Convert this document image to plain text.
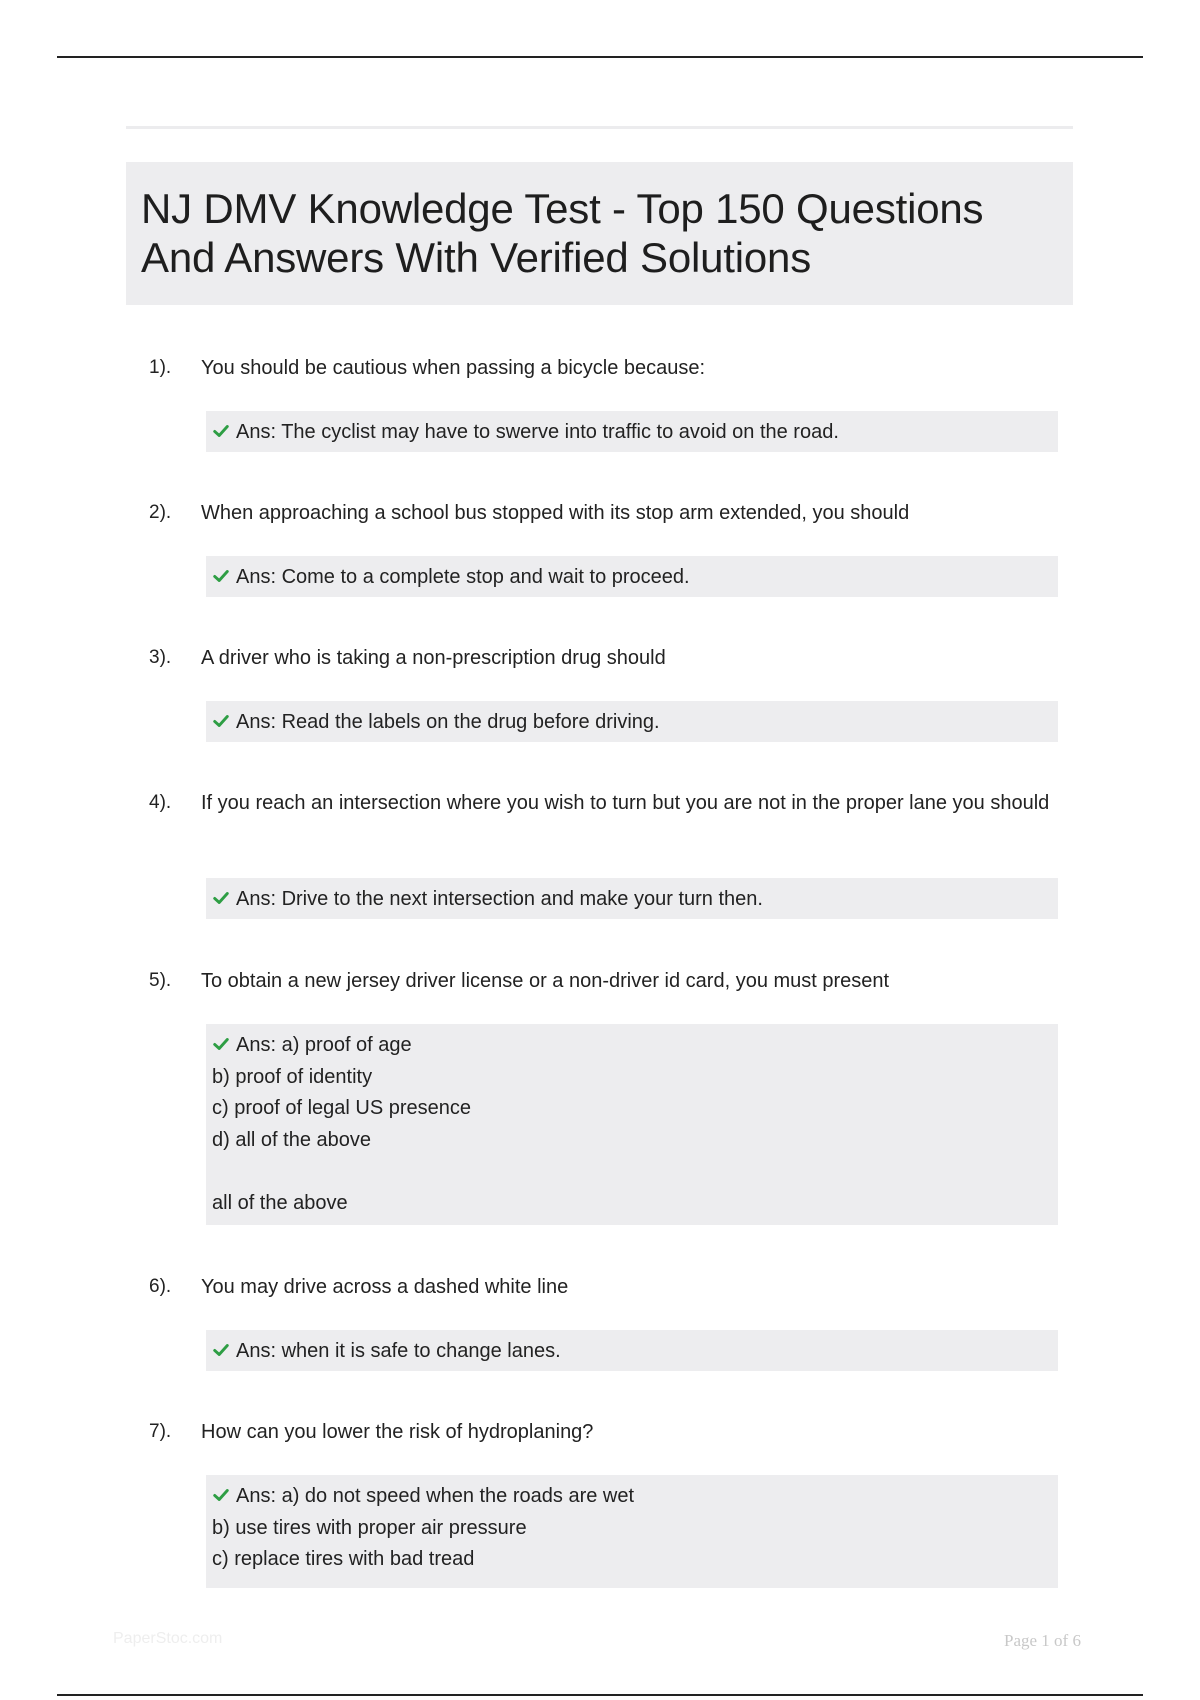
NJ DMV Knowledge Test - Top 150 Questions And Answers With Verified Solutions
1). You should be cautious when passing a bicycle because:
Ans: The cyclist may have to swerve into traffic to avoid on the road.
2). When approaching a school bus stopped with its stop arm extended, you should
Ans: Come to a complete stop and wait to proceed.
3). A driver who is taking a non-prescription drug should
Ans: Read the labels on the drug before driving.
4). If you reach an intersection where you wish to turn but you are not in the proper lane you should
Ans: Drive to the next intersection and make your turn then.
5). To obtain a new jersey driver license or a non-driver id card, you must present
Ans: a) proof of age
b) proof of identity
c) proof of legal US presence
d) all of the above
all of the above
6). You may drive across a dashed white line
Ans: when it is safe to change lanes.
7). How can you lower the risk of hydroplaning?
Ans: a) do not speed when the roads are wet
b) use tires with proper air pressure
c) replace tires with bad tread
PaperStoc.com	Page 1 of 6
